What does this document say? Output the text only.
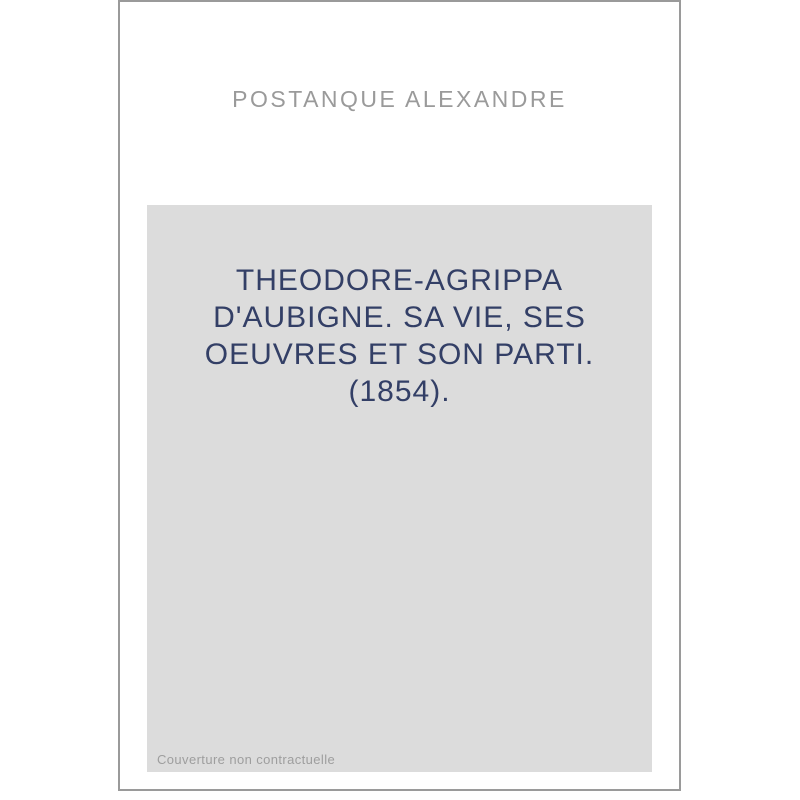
POSTANQUE ALEXANDRE
THEODORE-AGRIPPA
D'AUBIGNE. SA VIE, SES
OEUVRES ET SON PARTI.
(1854).
Couverture non contractuelle
